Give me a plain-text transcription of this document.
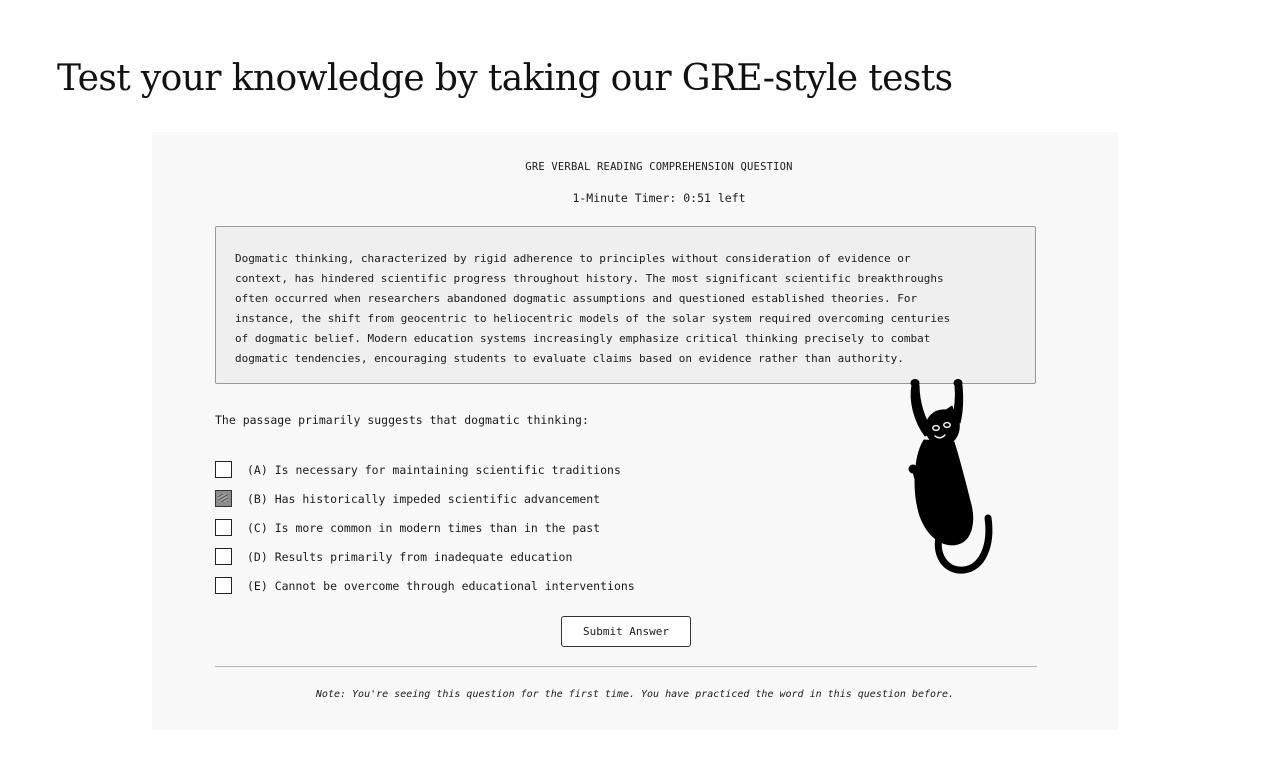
Test your knowledge by taking our GRE-style tests
GRE VERBAL READING COMPREHENSION QUESTION
1-Minute Timer: 0:51 left
Dogmatic thinking, characterized by rigid adherence to principles without consideration of evidence or
context, has hindered scientific progress throughout history. The most significant scientific breakthroughs
often occurred when researchers abandoned dogmatic assumptions and questioned established theories. For
instance, the shift from geocentric to heliocentric models of the solar system required overcoming centuries
of dogmatic belief. Modern education systems increasingly emphasize critical thinking precisely to combat
dogmatic tendencies, encouraging students to evaluate claims based on evidence rather than authority.
The passage primarily suggests that dogmatic thinking:
(A) Is necessary for maintaining scientific traditions
(B) Has historically impeded scientific advancement
(C) Is more common in modern times than in the past
(D) Results primarily from inadequate education
(E) Cannot be overcome through educational interventions
Submit Answer
Note: You're seeing this question for the first time. You have practiced the word in this question before.
